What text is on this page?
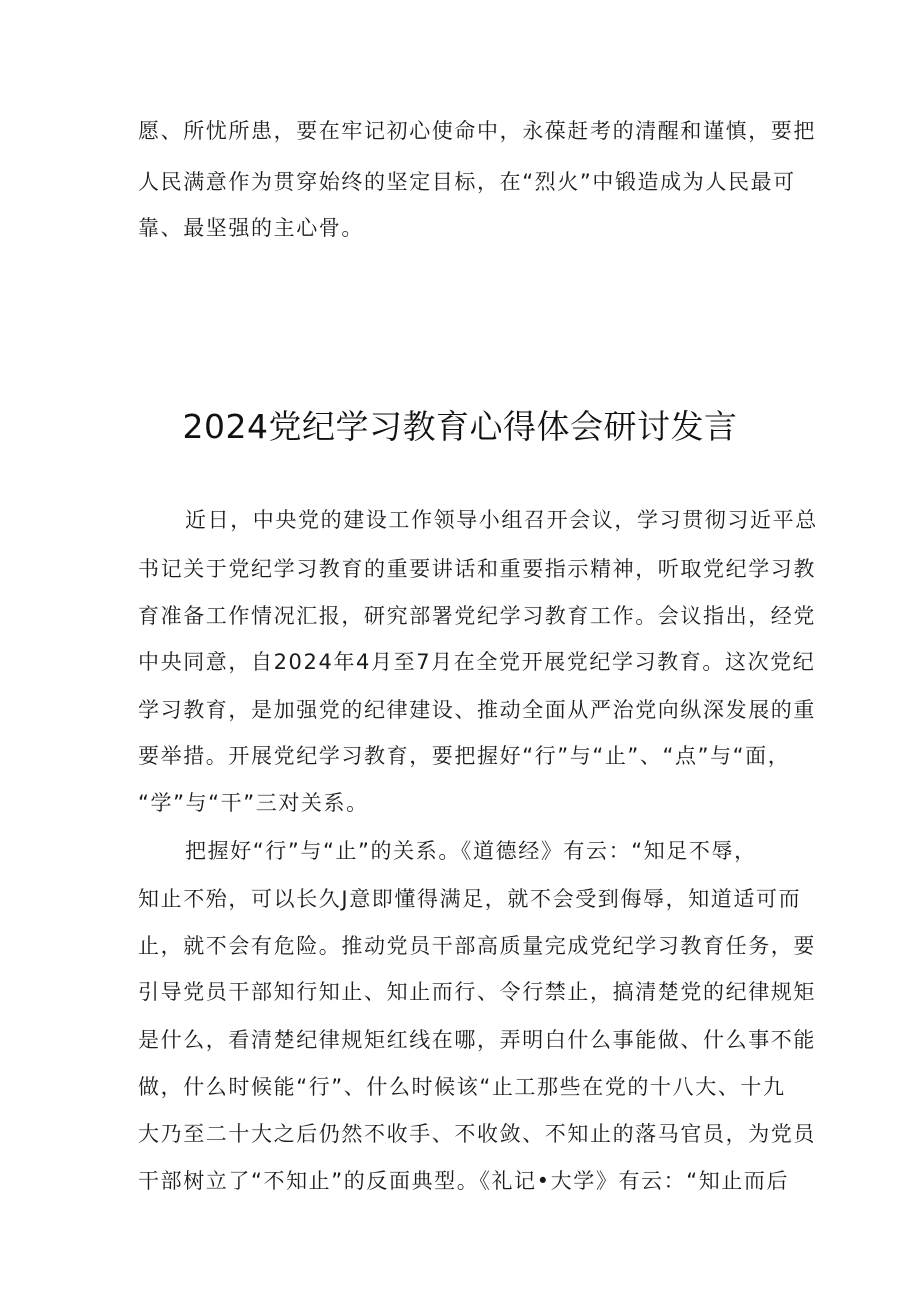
愿、所忧所患，要在牢记初心使命中，永葆赶考的清醒和谨慎，要把
人民满意作为贯穿始终的坚定目标，在“烈火”中锻造成为人民最可
靠、最坚强的主心骨。
2024党纪学习教育心得体会研讨发言
近日，中央党的建设工作领导小组召开会议，学习贯彻习近平总
书记关于党纪学习教育的重要讲话和重要指示精神，听取党纪学习教
育准备工作情况汇报，研究部署党纪学习教育工作。会议指出，经党
中央同意，自2024年4月至7月在全党开展党纪学习教育。这次党纪
学习教育，是加强党的纪律建设、推动全面从严治党向纵深发展的重
要举措。开展党纪学习教育，要把握好“行”与“止”、“点”与“面，
“学”与“干”三对关系。
把握好“行”与“止”的关系。《道德经》有云：“知足不辱，
知止不殆，可以长久J意即懂得满足，就不会受到侮辱，知道适可而
止，就不会有危险。推动党员干部高质量完成党纪学习教育任务，要
引导党员干部知行知止、知止而行、令行禁止，搞清楚党的纪律规矩
是什么，看清楚纪律规矩红线在哪，弄明白什么事能做、什么事不能
做，什么时候能“行”、什么时候该“止工那些在党的十八大、十九
大乃至二十大之后仍然不收手、不收敛、不知止的落马官员，为党员
干部树立了“不知止”的反面典型。《礼记•大学》有云：“知止而后
